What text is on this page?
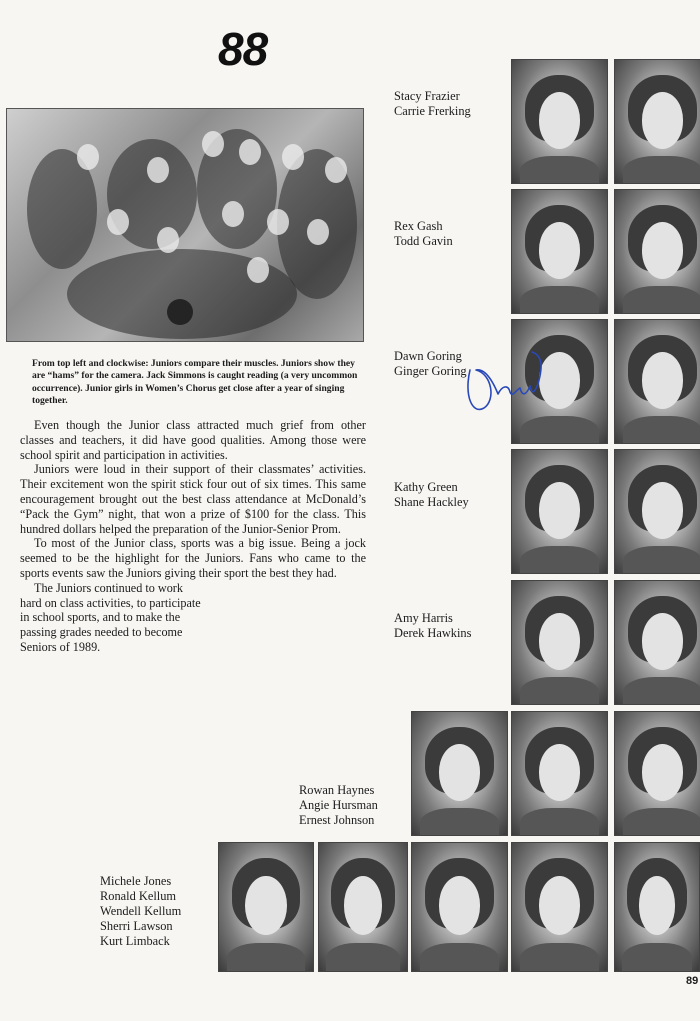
88
From top left and clockwise: Juniors compare their muscles. Juniors show they are “hams” for the camera. Jack Simmons is caught reading (a very uncommon occurrence). Junior girls in Women’s Chorus get close after a year of singing together.

Even though the Junior class attracted much grief from other classes and teachers, it did have good qualities. Among those were school spirit and participation in activities.

Juniors were loud in their support of their classmates’ activities. Their excitement won the spirit stick four out of six times. This same encouragement brought out the best class attendance at McDonald’s “Pack the Gym” night, that won a prize of $100 for the class. This hundred dollars helped the preparation of the Junior-Senior Prom.

To most of the Junior class, sports was a big issue. Being a jock seemed to be the highlight for the Juniors. Fans who came to the sports events saw the Juniors giving their sport the best they had.

The Juniors continued to work hard on class activities, to participate in school sports, and to make the passing grades needed to become Seniors of 1989.

Stacy Frazier
Carrie Frerking
Rex Gash
Todd Gavin
Dawn Goring
Ginger Goring
Kathy Green
Shane Hackley
Amy Harris
Derek Hawkins
Rowan Haynes
Angie Hursman
Ernest Johnson
Michele Jones
Ronald Kellum
Wendell Kellum
Sherri Lawson
Kurt Limback
89
